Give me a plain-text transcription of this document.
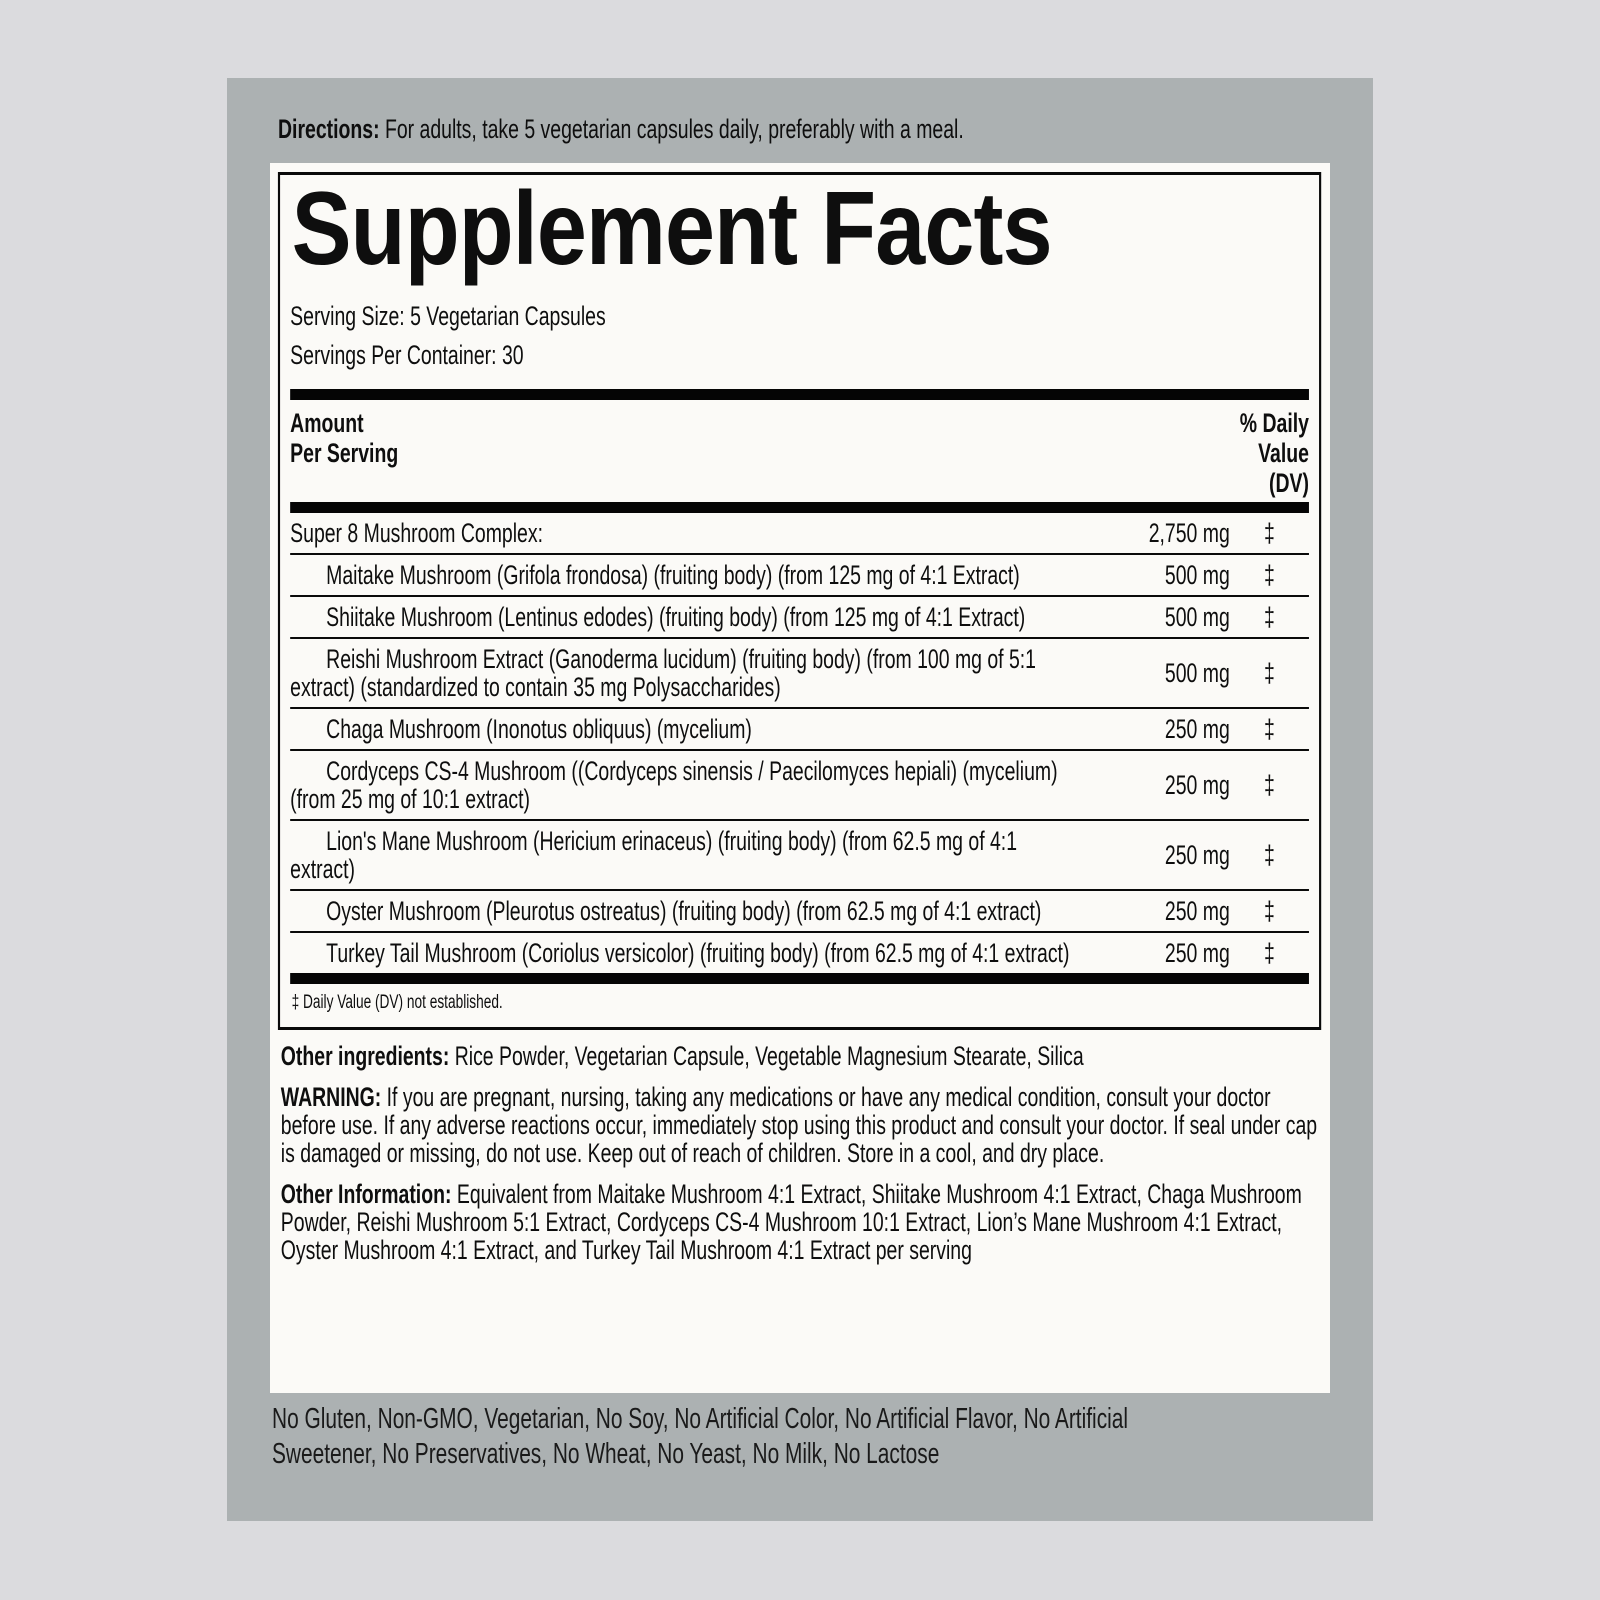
Directions: For adults, take 5 vegetarian capsules daily, preferably with a meal.
Supplement Facts
Serving Size: 5 Vegetarian Capsules
Servings Per Container: 30
Amount
Per Serving
% Daily
Value
(DV)
Super 8 Mushroom Complex:	2,750 mg	‡
Maitake Mushroom (Grifola frondosa) (fruiting body) (from 125 mg of 4:1 Extract)	500 mg	‡
Shiitake Mushroom (Lentinus edodes) (fruiting body) (from 125 mg of 4:1 Extract)	500 mg	‡
Reishi Mushroom Extract (Ganoderma lucidum) (fruiting body) (from 100 mg of 5:1 extract) (standardized to contain 35 mg Polysaccharides)	500 mg	‡
Chaga Mushroom (Inonotus obliquus) (mycelium)	250 mg	‡
Cordyceps CS-4 Mushroom ((Cordyceps sinensis / Paecilomyces hepiali) (mycelium) (from 25 mg of 10:1 extract)	250 mg	‡
Lion's Mane Mushroom (Hericium erinaceus) (fruiting body) (from 62.5 mg of 4:1 extract)	250 mg	‡
Oyster Mushroom (Pleurotus ostreatus) (fruiting body) (from 62.5 mg of 4:1 extract)	250 mg	‡
Turkey Tail Mushroom (Coriolus versicolor) (fruiting body) (from 62.5 mg of 4:1 extract)	250 mg	‡
‡ Daily Value (DV) not established.

Other ingredients: Rice Powder, Vegetarian Capsule, Vegetable Magnesium Stearate, Silica

WARNING: If you are pregnant, nursing, taking any medications or have any medical condition, consult your doctor before use. If any adverse reactions occur, immediately stop using this product and consult your doctor. If seal under cap is damaged or missing, do not use. Keep out of reach of children. Store in a cool, and dry place.

Other Information: Equivalent from Maitake Mushroom 4:1 Extract, Shiitake Mushroom 4:1 Extract, Chaga Mushroom Powder, Reishi Mushroom 5:1 Extract, Cordyceps CS-4 Mushroom 10:1 Extract, Lion’s Mane Mushroom 4:1 Extract, Oyster Mushroom 4:1 Extract, and Turkey Tail Mushroom 4:1 Extract per serving

No Gluten, Non-GMO, Vegetarian, No Soy, No Artificial Color, No Artificial Flavor, No Artificial Sweetener, No Preservatives, No Wheat, No Yeast, No Milk, No Lactose
